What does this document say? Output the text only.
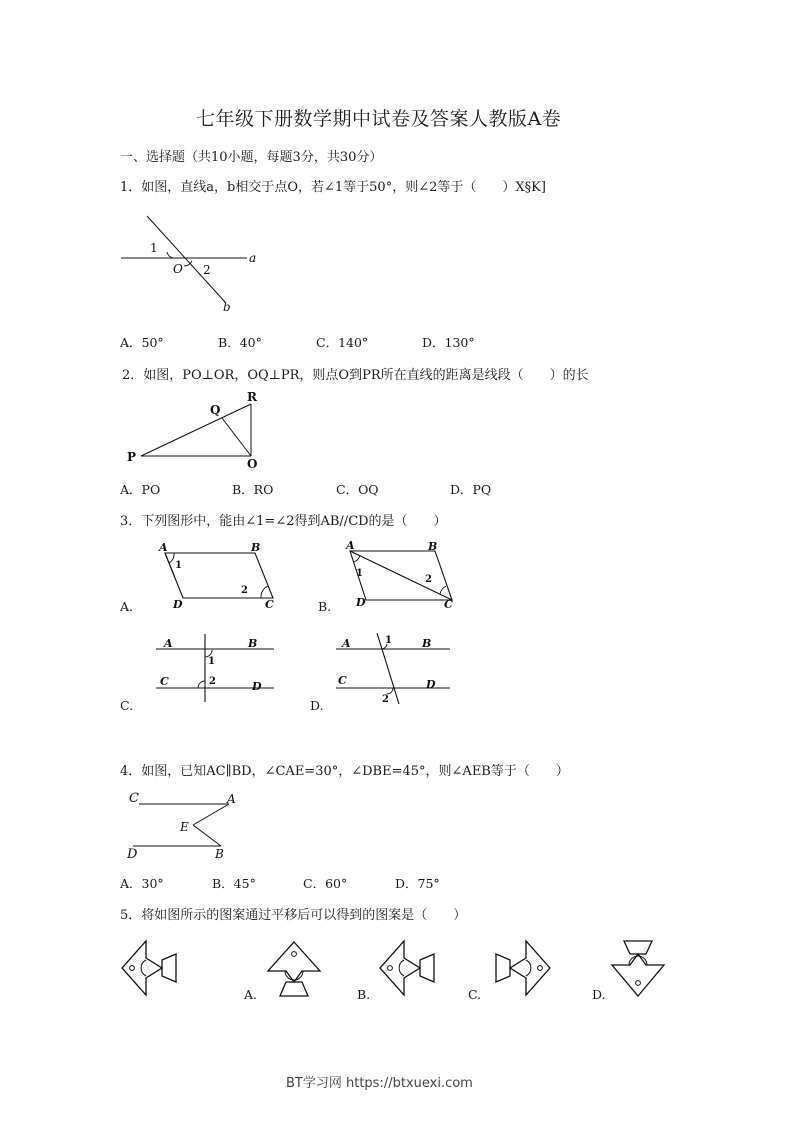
七年级下册数学期中试卷及答案人教版A卷
一、选择题（共10小题，每题3分，共30分）
1．如图，直线a，b相交于点O，若∠1等于50°，则∠2等于（　　）X§K]
1
2
O
a
b
A．50°	B．40°	C．140°	D．130°
2．如图，PO⊥OR，OQ⊥PR，则点O到PR所在直线的距离是线段（　　）的长
P
Q
R
O
A．PO	B．RO	C．OQ	D．PQ
3．下列图形中，能由∠1=∠2得到AB//CD的是（　　）
A.
A	B
D	C
1
2
B.
A	B
D	C
1
2
C.
A	B
C	D
1
2
D.
A	B
C	D
1
2
4．如图，已知AC∥BD，∠CAE=30°，∠DBE=45°，则∠AEB等于（　　）
C	A
E
D	B
A．30°	B．45°	C．60°	D．75°
5．将如图所示的图案通过平移后可以得到的图案是（　　）
A.	B.	C.	D.
BT学习网 https://btxuexi.com
